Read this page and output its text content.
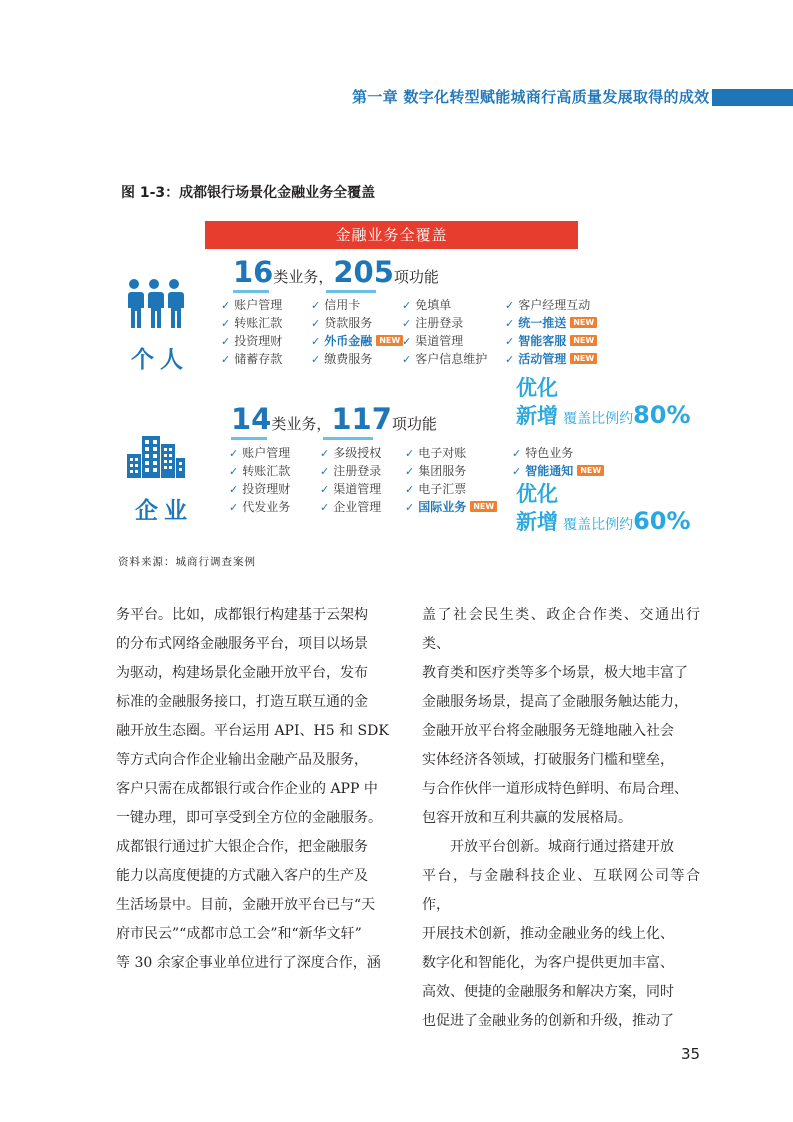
第一章 数字化转型赋能城商行高质量发展取得的成效
图 1-3：成都银行场景化金融业务全覆盖
金融业务全覆盖
个人
16类业务，205项功能
✓ 账户管理	✓ 信用卡	✓ 免填单	✓ 客户经理互动
✓ 转账汇款	✓ 贷款服务	✓ 注册登录	✓ 统一推送 NEW
✓ 投资理财	✓ 外币金融 NEW ✓ 渠道管理	✓ 智能客服 NEW
✓ 储蓄存款	✓ 缴费服务	✓ 客户信息维护 ✓ 活动管理 NEW
优化
新增 覆盖比例约80%
企业
14类业务，117项功能
✓ 账户管理	✓ 多级授权 ✓ 电子对账	✓ 特色业务
✓ 转账汇款	✓ 注册登录 ✓ 集团服务	✓ 智能通知 NEW
✓ 投资理财	✓ 渠道管理 ✓ 电子汇票
✓ 代发业务	✓ 企业管理 ✓ 国际业务 NEW
优化
新增 覆盖比例约60%
资料来源：城商行调查案例
务平台。比如，成都银行构建基于云架构
的分布式网络金融服务平台，项目以场景
为驱动，构建场景化金融开放平台，发布
标准的金融服务接口，打造互联互通的金
融开放生态圈。平台运用 API、H5 和 SDK
等方式向合作企业输出金融产品及服务，
客户只需在成都银行或合作企业的 APP 中
一键办理，即可享受到全方位的金融服务。
成都银行通过扩大银企合作，把金融服务
能力以高度便捷的方式融入客户的生产及
生活场景中。目前，金融开放平台已与“天
府市民云”“成都市总工会”和“新华文轩”
等 30 余家企事业单位进行了深度合作，涵
盖了社会民生类、政企合作类、交通出行类、
教育类和医疗类等多个场景，极大地丰富了
金融服务场景，提高了金融服务触达能力，
金融开放平台将金融服务无缝地融入社会
实体经济各领域，打破服务门槛和壁垒，
与合作伙伴一道形成特色鲜明、布局合理、
包容开放和互利共赢的发展格局。
开放平台创新。城商行通过搭建开放
平台，与金融科技企业、互联网公司等合作，
开展技术创新，推动金融业务的线上化、
数字化和智能化，为客户提供更加丰富、
高效、便捷的金融服务和解决方案，同时
也促进了金融业务的创新和升级，推动了
35
